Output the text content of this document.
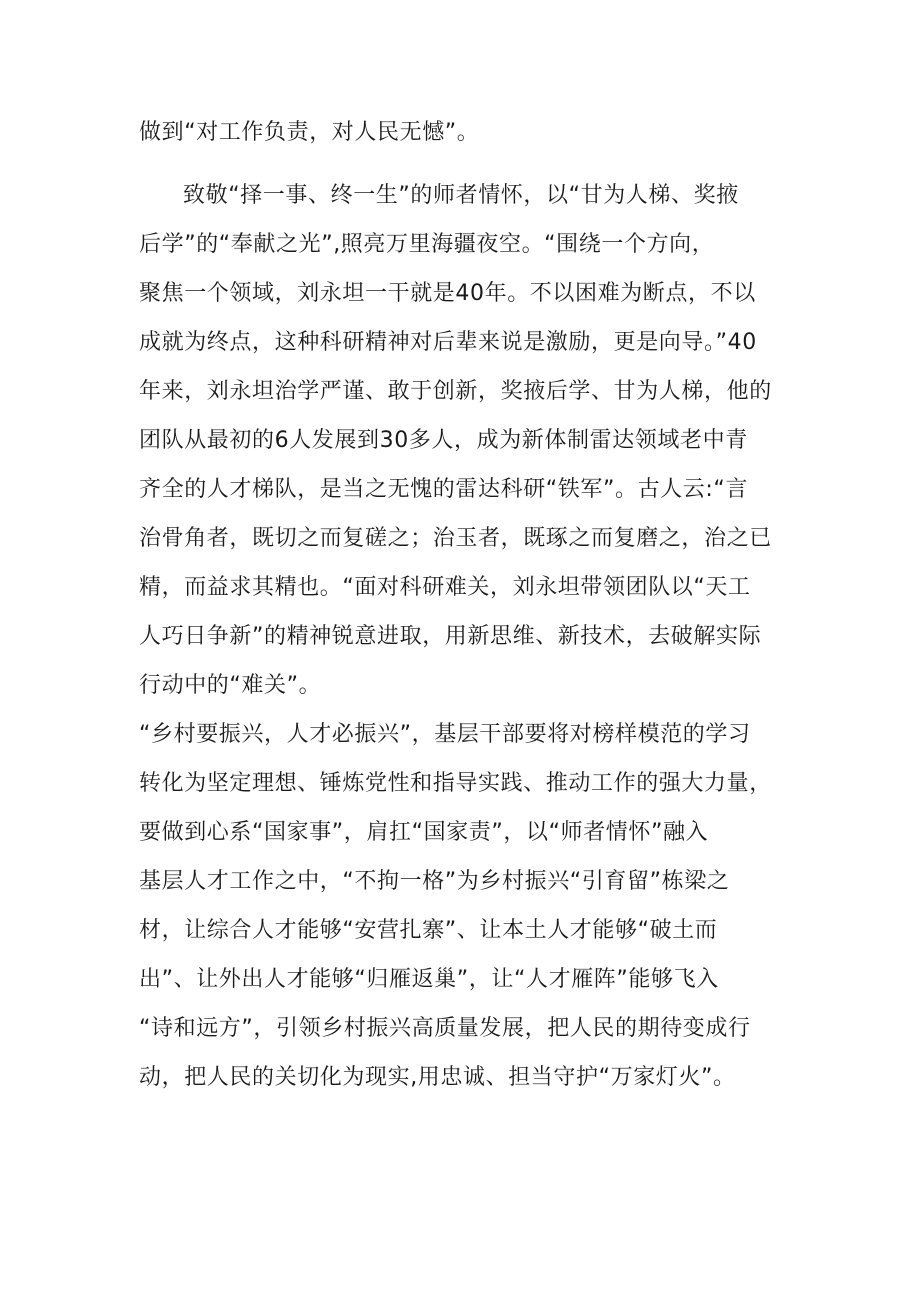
做到“对工作负责，对人民无憾”。

致敬“择一事、终一生”的师者情怀，以“甘为人梯、奖掖

后学”的“奉献之光”,照亮万里海疆夜空。“围绕一个方向，

聚焦一个领域，刘永坦一干就是40年。不以困难为断点，不以

成就为终点，这种科研精神对后辈来说是激励，更是向导。”40

年来，刘永坦治学严谨、敢于创新，奖掖后学、甘为人梯，他的

团队从最初的6人发展到30多人，成为新体制雷达领域老中青

齐全的人才梯队，是当之无愧的雷达科研“铁军”。古人云:“言

治骨角者，既切之而复磋之；治玉者，既琢之而复磨之，治之已

精，而益求其精也。“面对科研难关，刘永坦带领团队以“天工

人巧日争新”的精神锐意进取，用新思维、新技术，去破解实际

行动中的“难关”。

“乡村要振兴，人才必振兴”，基层干部要将对榜样模范的学习

转化为坚定理想、锤炼党性和指导实践、推动工作的强大力量，

要做到心系“国家事”，肩扛“国家责”，以“师者情怀”融入

基层人才工作之中，“不拘一格”为乡村振兴“引育留”栋梁之

材，让综合人才能够“安营扎寨”、让本土人才能够“破土而

出”、让外出人才能够“归雁返巢”，让“人才雁阵”能够飞入

“诗和远方”，引领乡村振兴高质量发展，把人民的期待变成行

动，把人民的关切化为现实,用忠诚、担当守护“万家灯火”。
